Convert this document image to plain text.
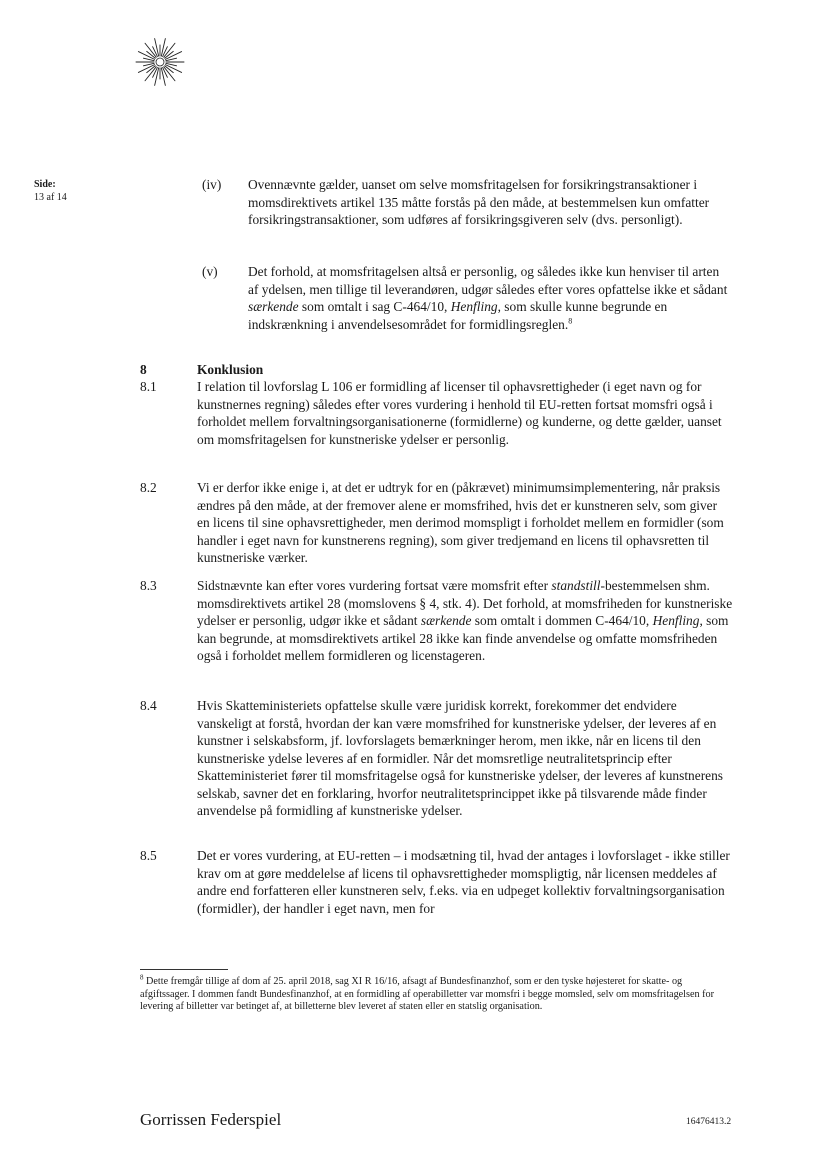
Side:
13 af 14
(iv) Ovennævnte gælder, uanset om selve momsfritagelsen for forsikringstransaktioner i momsdirektivets artikel 135 måtte forstås på den måde, at bestemmelsen kun omfatter forsikringstransaktioner, som udføres af forsikringsgiveren selv (dvs. personligt).
(v) Det forhold, at momsfritagelsen altså er personlig, og således ikke kun henviser til arten af ydelsen, men tillige til leverandøren, udgør således efter vores opfattelse ikke et sådant særkende som omtalt i sag C-464/10, Henfling, som skulle kunne begrunde en indskrænkning i anvendelsesområdet for formidlingsreglen.$^8$
8	Konklusion
8.1	I relation til lovforslag L 106 er formidling af licenser til ophavsrettigheder (i eget navn og for kunstnernes regning) således efter vores vurdering i henhold til EU-retten fortsat momsfri også i forholdet mellem forvaltningsorganisationerne (formidlerne) og kunderne, og dette gælder, uanset om momsfritagelsen for kunstneriske ydelser er personlig.
8.2	Vi er derfor ikke enige i, at det er udtryk for en (påkrævet) minimumsimplementering, når praksis ændres på den måde, at der fremover alene er momsfrihed, hvis det er kunstneren selv, som giver en licens til sine ophavsrettigheder, men derimod momspligt i forholdet mellem en formidler (som handler i eget navn for kunstnerens regning), som giver tredjemand en licens til ophavsretten til kunstneriske værker.
8.3	Sidstnævnte kan efter vores vurdering fortsat være momsfrit efter standstill-bestemmelsen shm. momsdirektivets artikel 28 (momslovens § 4, stk. 4). Det forhold, at momsfriheden for kunstneriske ydelser er personlig, udgør ikke et sådant særkende som omtalt i dommen C-464/10, Henfling, som kan begrunde, at momsdirektivets artikel 28 ikke kan finde anvendelse og omfatte momsfriheden også i forholdet mellem formidleren og licenstageren.
8.4	Hvis Skatteministeriets opfattelse skulle være juridisk korrekt, forekommer det endvidere vanskeligt at forstå, hvordan der kan være momsfrihed for kunstneriske ydelser, der leveres af en kunstner i selskabsform, jf. lovforslagets bemærkninger herom, men ikke, når en licens til den kunstneriske ydelse leveres af en formidler. Når det momsretlige neutralitetsprincip efter Skatteministeriet fører til momsfritagelse også for kunstneriske ydelser, der leveres af kunstnerens selskab, savner det en forklaring, hvorfor neutralitetsprincippet ikke på tilsvarende måde finder anvendelse på formidling af kunstneriske ydelser.
8.5	Det er vores vurdering, at EU-retten – i modsætning til, hvad der antages i lovforslaget - ikke stiller krav om at gøre meddelelse af licens til ophavsrettigheder momspligtig, når licensen meddeles af andre end forfatteren eller kunstneren selv, f.eks. via en udpeget kollektiv forvaltningsorganisation (formidler), der handler i eget navn, men for
$^8$ Dette fremgår tillige af dom af 25. april 2018, sag XI R 16/16, afsagt af Bundesfinanzhof, som er den tyske højesteret for skatte- og afgiftssager. I dommen fandt Bundesfinanzhof, at en formidling af operabilletter var momsfri i begge momsled, selv om momsfritagelsen for levering af billetter var betinget af, at billetterne blev leveret af staten eller en statslig organisation.
Gorrissen Federspiel	16476413.2
